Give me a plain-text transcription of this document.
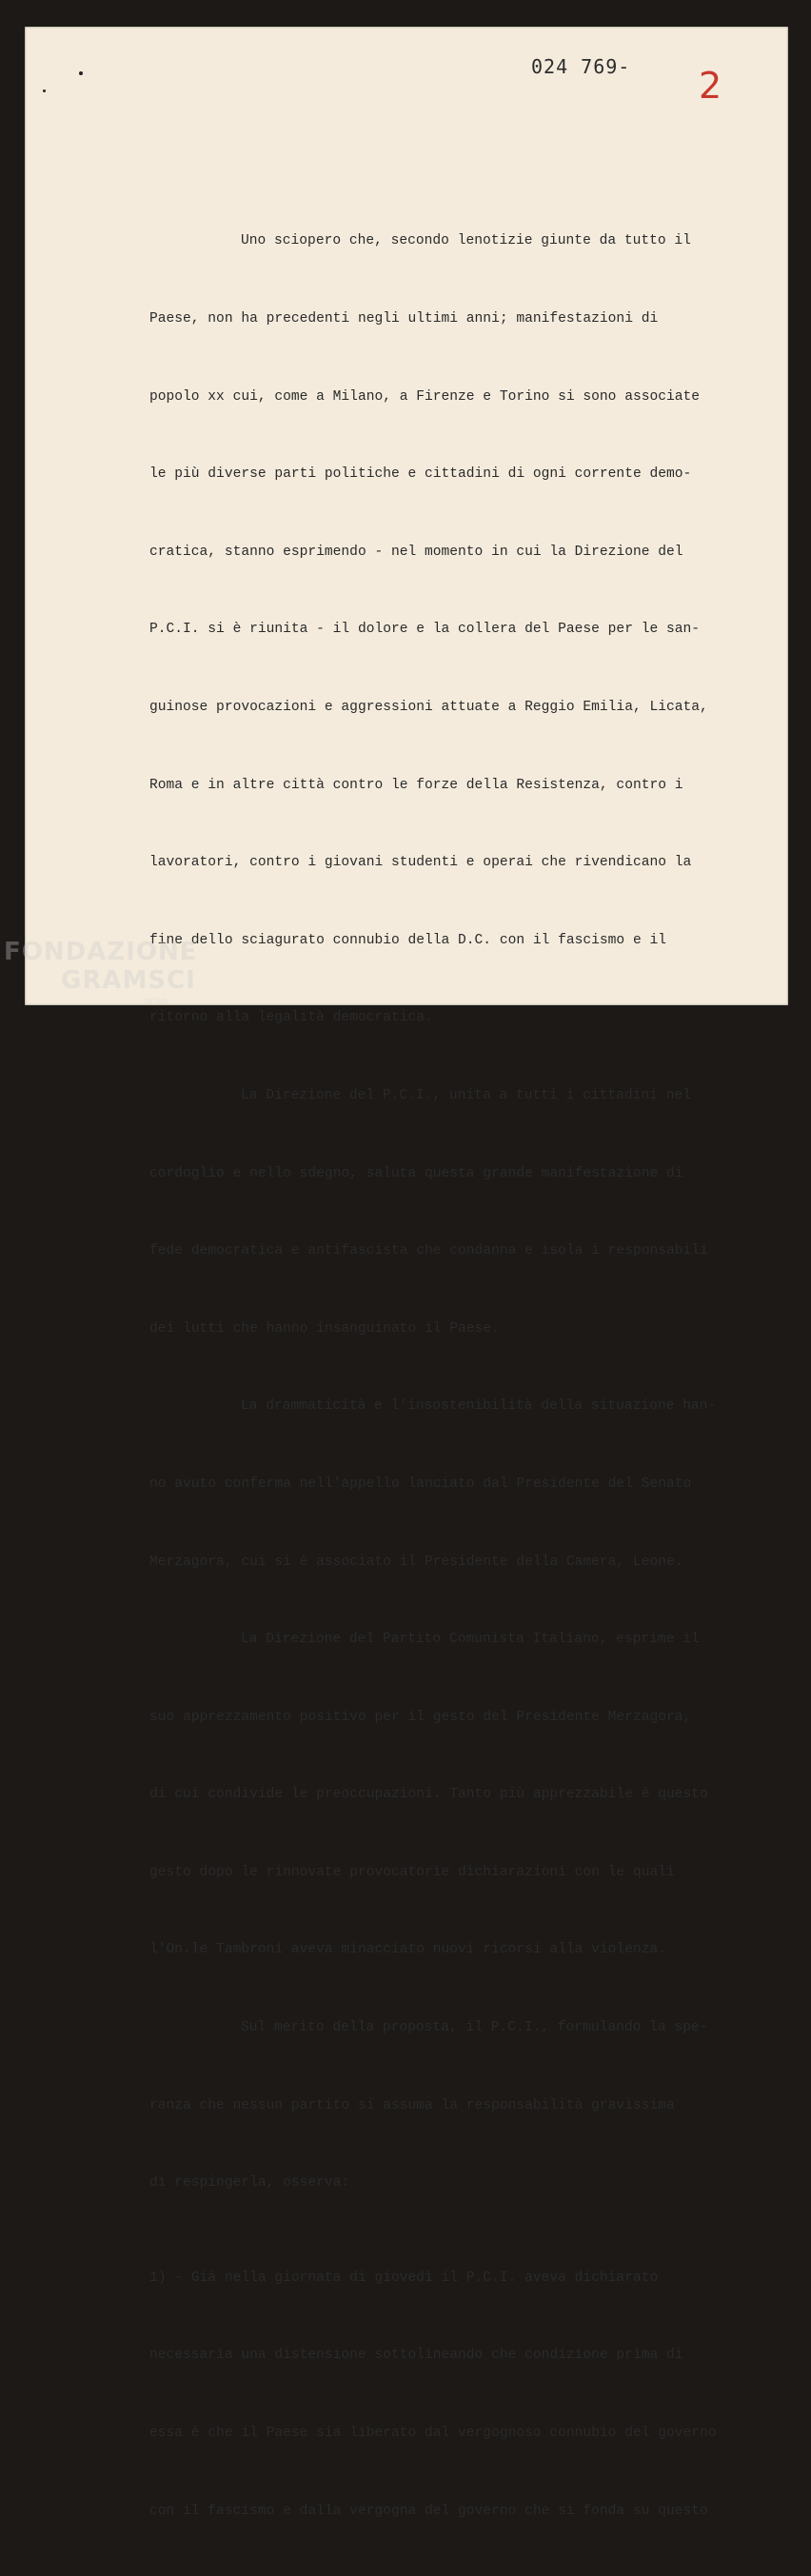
024 769- 2

Uno sciopero che, secondo lenotizie giunte da tutto il

Paese, non ha precedenti negli ultimi anni; manifestazioni di

popolo xx cui, come a Milano, a Firenze e Torino si sono associate

le più diverse parti politiche e cittadini di ogni corrente demo-

cratica, stanno esprimendo - nel momento in cui la Direzione del

P.C.I. si è riunita - il dolore e la collera del Paese per le san-

guinose provocazioni e aggressioni attuate a Reggio Emilia, Licata,

Roma e in altre città contro le forze della Resistenza, contro i

lavoratori, contro i giovani studenti e operai che rivendicano la

fine dello sciagurato connubio della D.C. con il fascismo e il

ritorno alla legalità democratica.

La Direzione del P.C.I., unita a tutti i cittadini nel

cordoglio e nello sdegno, saluta questa grande manifestazione di

fede democratica e antifascista che condanna e isola i responsabili

dei lutti che hanno insanguinato il Paese.

La drammaticità e l'insostenibilità della situazione han-

no avuto conferma nell'appello lanciato dal Presidente del Senato

Merzagora, cui si è associato il Presidente della Camera, Leone.

La Direzione del Partito Comunista Italiano, esprime il

suo apprezzamento positivo per il gesto del Presidente Merzagora,

di cui condivide le preoccupazioni. Tanto più apprezzabile è questo

gesto dopo le rinnovate provocatorie dichiarazioni con le quali

l'On.le Tambroni aveva minacciato nuovi ricorsi alla violenza.

Sul merito della proposta, il P.C.I., formulando la spe-

ranza che nessun partito si assuma la responsabilità gravissima

di respingerla, osserva:

1) - Già nella giornata di giovedì il P.C.I. aveva dichiarato

necessaria una distensione sottolineando che condizione prima di

essa è che il Paese sia liberato dal vergognoso connubio del governo

con il fascismo e dalla vergogna del governo che si fonda su questo

FONDAZIONE
GRAMSCI
onlus
